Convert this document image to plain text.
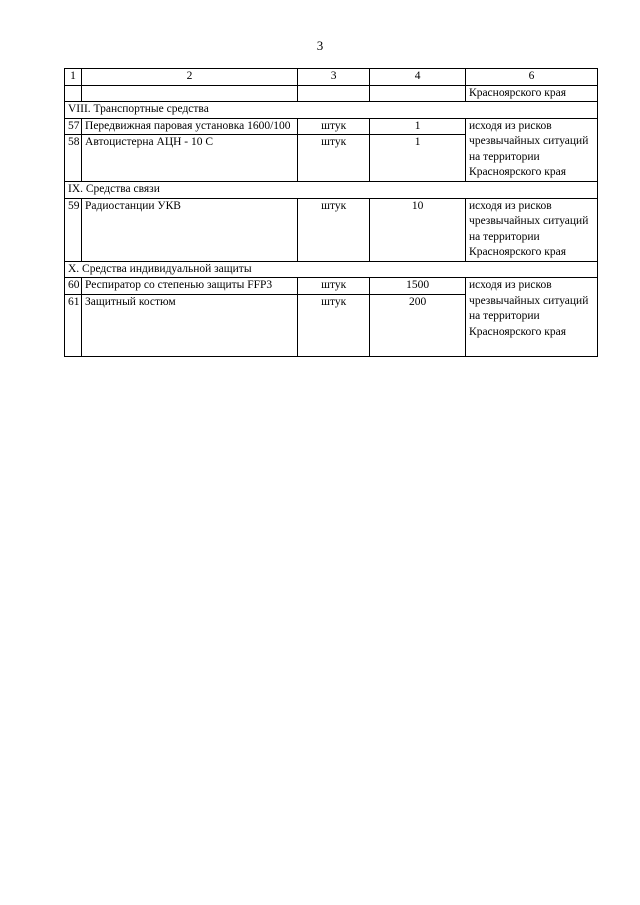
3
1	2	3	4	6
				Красноярского края
VIII. Транспортные средства				
57	Передвижная паровая установка 1600/100	штук	1	исходя из рисков чрезвычайных ситуаций на территории Красноярского края
58	Автоцистерна АЦН - 10 С	штук	1	
IX. Средства связи				
59	Радиостанции УКВ	штук	10	исходя из рисков чрезвычайных ситуаций на территории Красноярского края
X. Средства индивидуальной защиты				
60	Респиратор со степенью защиты FFP3	штук	1500	исходя из рисков чрезвычайных ситуаций на территории Красноярского края
61	Защитный костюм	штук	200	
